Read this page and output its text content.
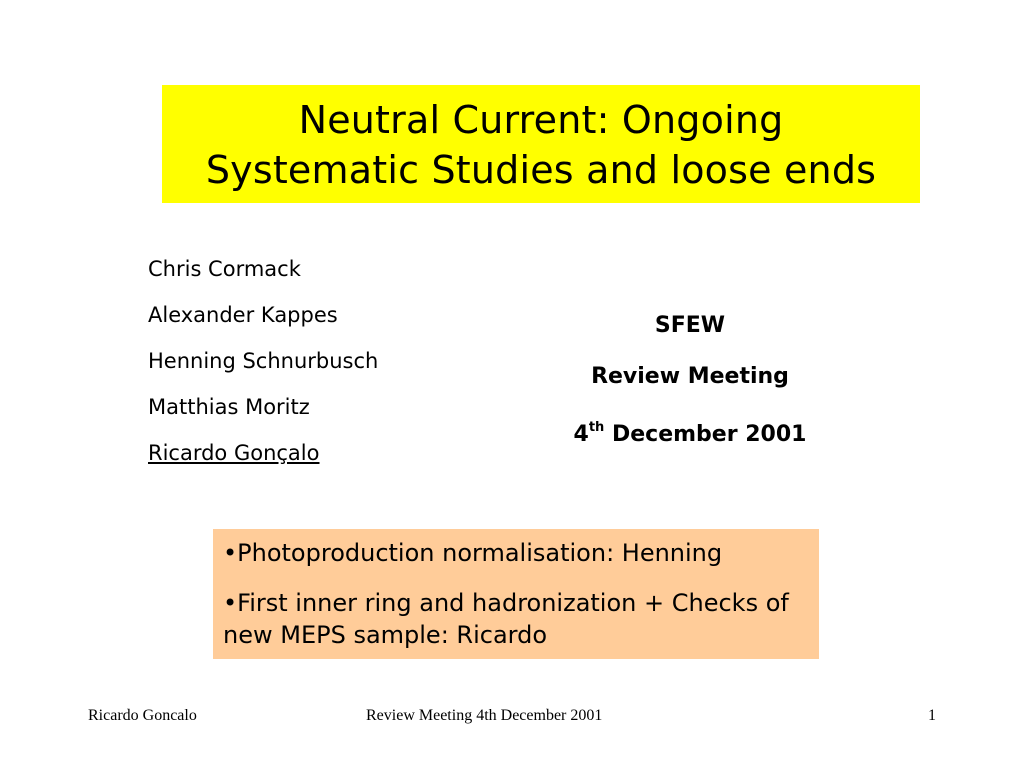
Neutral Current: Ongoing
Systematic Studies and loose ends
Chris Cormack
Alexander Kappes
Henning Schnurbusch
Matthias Moritz
Ricardo Gonçalo
SFEW
Review Meeting
4th December 2001
•Photoproduction normalisation: Henning
•First inner ring and hadronization + Checks of new MEPS sample: Ricardo
Ricardo Goncalo	Review Meeting 4th December 2001	1
